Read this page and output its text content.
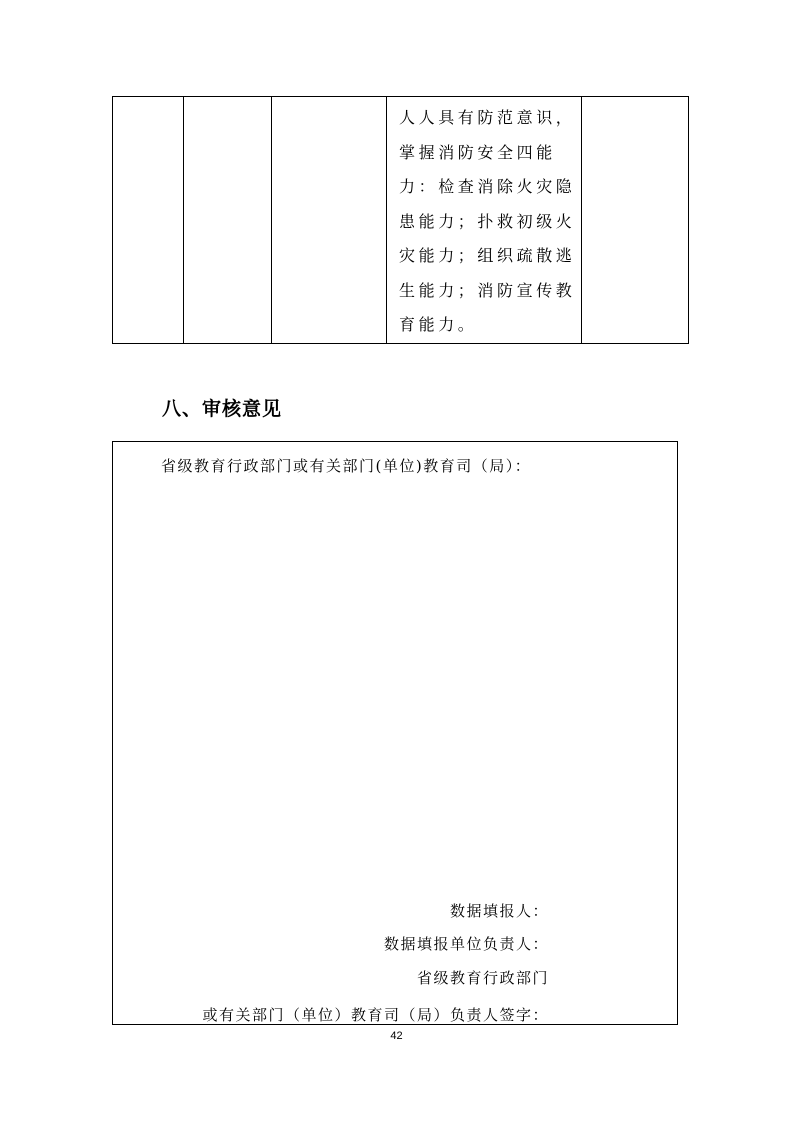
人人具有防范意识，
掌握消防安全四能
力：检查消除火灾隐
患能力；扑救初级火
灾能力；组织疏散逃
生能力；消防宣传教
育能力。

八、审核意见

省级教育行政部门或有关部门(单位)教育司（局）：

数据填报人：

数据填报单位负责人：

省级教育行政部门

或有关部门（单位）教育司（局）负责人签字：

42
